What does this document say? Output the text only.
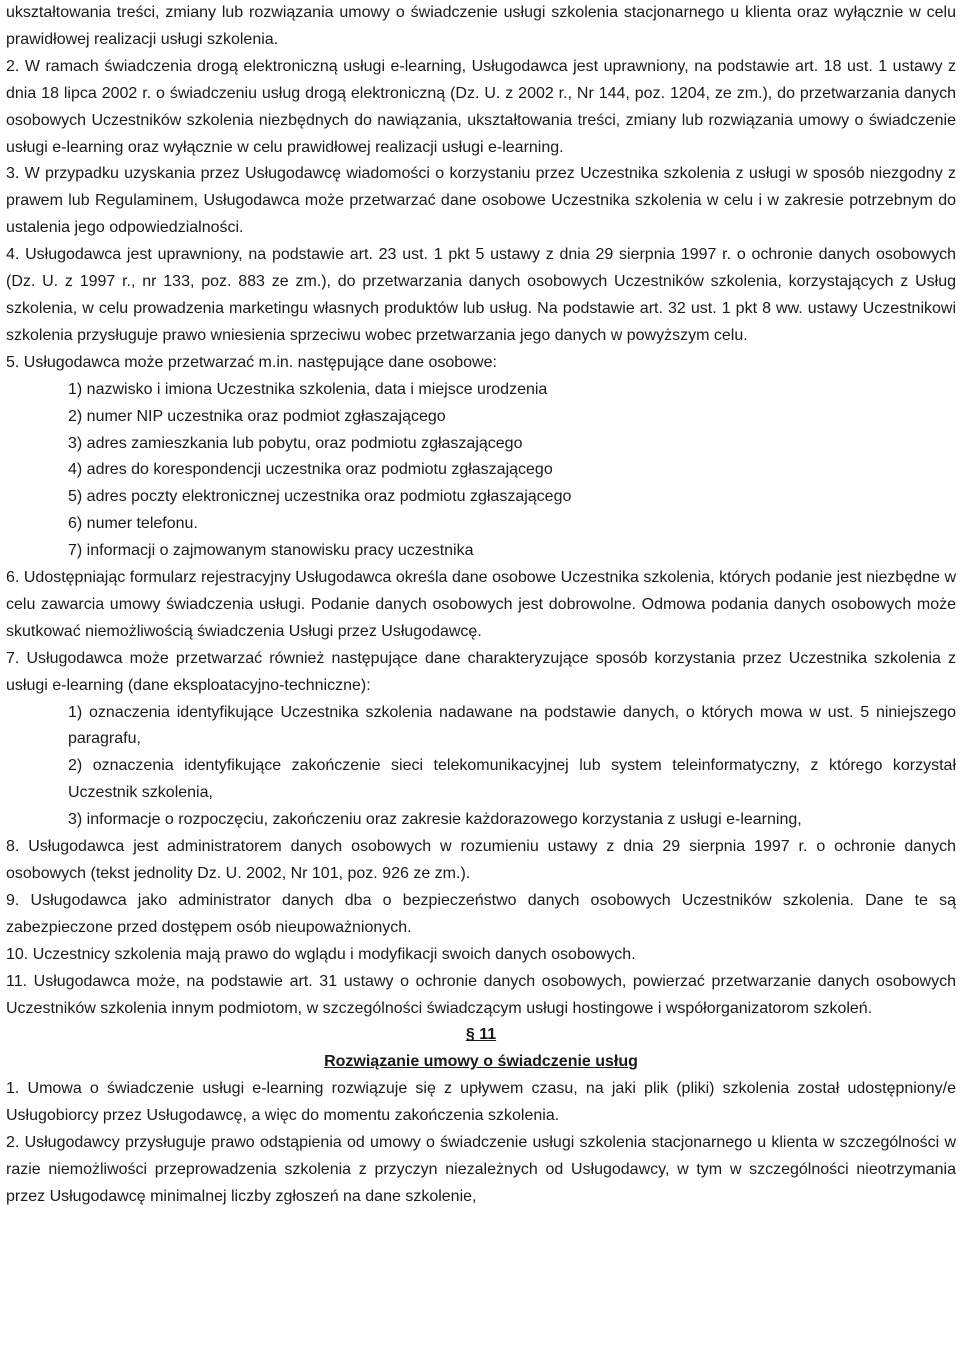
ukształtowania treści, zmiany lub rozwiązania umowy o świadczenie usługi szkolenia stacjonarnego u klienta oraz wyłącznie w celu prawidłowej realizacji usługi szkolenia.

2. W ramach świadczenia drogą elektroniczną usługi e-learning, Usługodawca jest uprawniony, na podstawie art. 18 ust. 1 ustawy z dnia 18 lipca 2002 r. o świadczeniu usług drogą elektroniczną (Dz. U. z 2002 r., Nr 144, poz. 1204, ze zm.), do przetwarzania danych osobowych Uczestników szkolenia niezbędnych do nawiązania, ukształtowania treści, zmiany lub rozwiązania umowy o świadczenie usługi e-learning oraz wyłącznie w celu prawidłowej realizacji usługi e-learning.

3. W przypadku uzyskania przez Usługodawcę wiadomości o korzystaniu przez Uczestnika szkolenia z usługi w sposób niezgodny z prawem lub Regulaminem, Usługodawca może przetwarzać dane osobowe Uczestnika szkolenia w celu i w zakresie potrzebnym do ustalenia jego odpowiedzialności.

4. Usługodawca jest uprawniony, na podstawie art. 23 ust. 1 pkt 5 ustawy z dnia 29 sierpnia 1997 r. o ochronie danych osobowych (Dz. U. z 1997 r., nr 133, poz. 883 ze zm.), do przetwarzania danych osobowych Uczestników szkolenia, korzystających z Usług szkolenia, w celu prowadzenia marketingu własnych produktów lub usług. Na podstawie art. 32 ust. 1 pkt 8 ww. ustawy Uczestnikowi szkolenia przysługuje prawo wniesienia sprzeciwu wobec przetwarzania jego danych w powyższym celu.

5. Usługodawca może przetwarzać m.in. następujące dane osobowe:

1) nazwisko i imiona Uczestnika szkolenia, data i miejsce urodzenia
2) numer NIP uczestnika oraz podmiot zgłaszającego
3) adres zamieszkania lub pobytu, oraz podmiotu zgłaszającego
4) adres do korespondencji uczestnika oraz podmiotu zgłaszającego
5) adres poczty elektronicznej uczestnika oraz podmiotu zgłaszającego
6) numer telefonu.
7) informacji o zajmowanym stanowisku pracy uczestnika

6. Udostępniając formularz rejestracyjny Usługodawca określa dane osobowe Uczestnika szkolenia, których podanie jest niezbędne w celu zawarcia umowy świadczenia usługi. Podanie danych osobowych jest dobrowolne. Odmowa podania danych osobowych może skutkować niemożliwością świadczenia Usługi przez Usługodawcę.

7. Usługodawca może przetwarzać również następujące dane charakteryzujące sposób korzystania przez Uczestnika szkolenia z usługi e-learning (dane eksploatacyjno-techniczne):

1) oznaczenia identyfikujące Uczestnika szkolenia nadawane na podstawie danych, o których mowa w ust. 5 niniejszego paragrafu,
2) oznaczenia identyfikujące zakończenie sieci telekomunikacyjnej lub system teleinformatyczny, z którego korzystał Uczestnik szkolenia,
3) informacje o rozpoczęciu, zakończeniu oraz zakresie każdorazowego korzystania z usługi e-learning,

8. Usługodawca jest administratorem danych osobowych w rozumieniu ustawy z dnia 29 sierpnia 1997 r. o ochronie danych osobowych (tekst jednolity Dz. U. 2002, Nr 101, poz. 926 ze zm.).

9. Usługodawca jako administrator danych dba o bezpieczeństwo danych osobowych Uczestników szkolenia. Dane te są zabezpieczone przed dostępem osób nieupoważnionych.

10. Uczestnicy szkolenia mają prawo do wglądu i modyfikacji swoich danych osobowych.

11. Usługodawca może, na podstawie art. 31 ustawy o ochronie danych osobowych, powierzać przetwarzanie danych osobowych Uczestników szkolenia innym podmiotom, w szczególności świadczącym usługi hostingowe i współorganizatorom szkoleń.

§ 11

Rozwiązanie umowy o świadczenie usług

1. Umowa o świadczenie usługi e-learning rozwiązuje się z upływem czasu, na jaki plik (pliki) szkolenia został udostępniony/e Usługobiorcy przez Usługodawcę, a więc do momentu zakończenia szkolenia.

2. Usługodawcy przysługuje prawo odstąpienia od umowy o świadczenie usługi szkolenia stacjonarnego u klienta w szczególności w razie niemożliwości przeprowadzenia szkolenia z przyczyn niezależnych od Usługodawcy, w tym w szczególności nieotrzymania przez Usługodawcę minimalnej liczby zgłoszeń na dane szkolenie,
